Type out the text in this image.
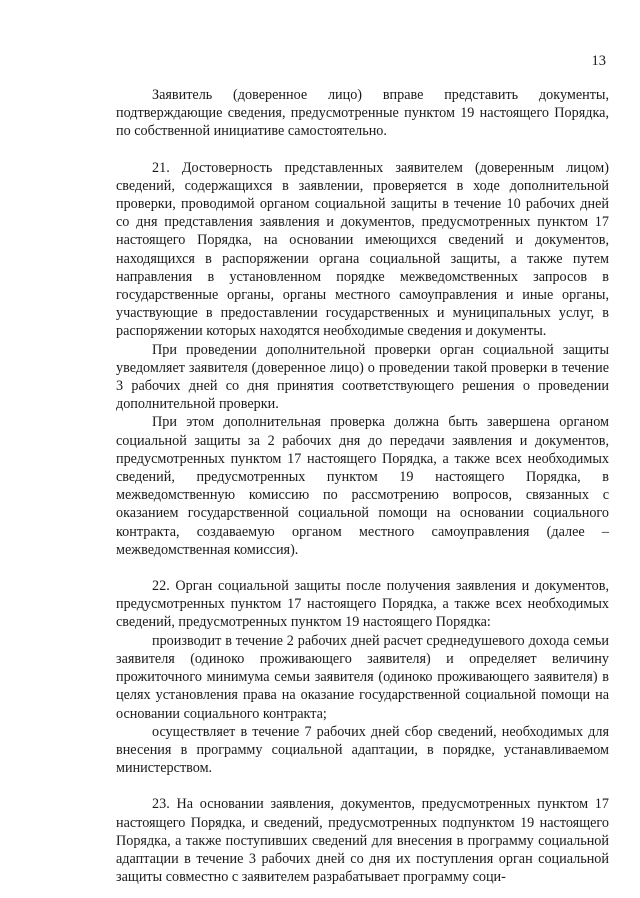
13

Заявитель (доверенное лицо) вправе представить документы, подтверждающие сведения, предусмотренные пунктом 19 настоящего Порядка, по собственной инициативе самостоятельно.

21. Достоверность представленных заявителем (доверенным лицом) сведений, содержащихся в заявлении, проверяется в ходе дополнительной проверки, проводимой органом социальной защиты в течение 10 рабочих дней со дня представления заявления и документов, предусмотренных пунктом 17 настоящего Порядка, на основании имеющихся сведений и документов, находящихся в распоряжении органа социальной защиты, а также путем направления в установленном порядке межведомственных запросов в государственные органы, органы местного самоуправления и иные органы, участвующие в предоставлении государственных и муниципальных услуг, в распоряжении которых находятся необходимые сведения и документы.

При проведении дополнительной проверки орган социальной защиты уведомляет заявителя (доверенное лицо) о проведении такой проверки в течение 3 рабочих дней со дня принятия соответствующего решения о проведении дополнительной проверки.

При этом дополнительная проверка должна быть завершена органом социальной защиты за 2 рабочих дня до передачи заявления и документов, предусмотренных пунктом 17 настоящего Порядка, а также всех необходимых сведений, предусмотренных пунктом 19 настоящего Порядка, в межведомственную комиссию по рассмотрению вопросов, связанных с оказанием государственной социальной помощи на основании социального контракта, создаваемую органом местного самоуправления (далее – межведомственная комиссия).

22. Орган социальной защиты после получения заявления и документов, предусмотренных пунктом 17 настоящего Порядка, а также всех необходимых сведений, предусмотренных пунктом 19 настоящего Порядка:

производит в течение 2 рабочих дней расчет среднедушевого дохода семьи заявителя (одиноко проживающего заявителя) и определяет величину прожиточного минимума семьи заявителя (одиноко проживающего заявителя) в целях установления права на оказание государственной социальной помощи на основании социального контракта;

осуществляет в течение 7 рабочих дней сбор сведений, необходимых для внесения в программу социальной адаптации, в порядке, устанавливаемом министерством.

23. На основании заявления, документов, предусмотренных пунктом 17 настоящего Порядка, и сведений, предусмотренных подпунктом 19 настоящего Порядка, а также поступивших сведений для внесения в программу социальной адаптации в течение 3 рабочих дней со дня их поступления орган социальной защиты совместно с заявителем разрабатывает программу соци-
